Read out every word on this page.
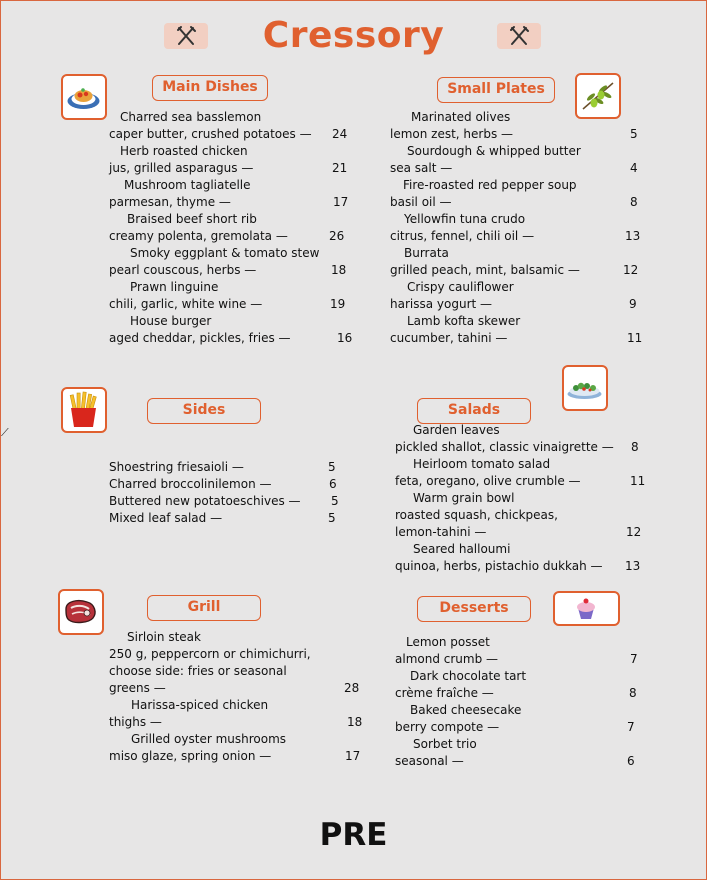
Cressory
⟋
Main Dishes
Charred sea basslemon
caper butter, crushed potatoes —	24
Herb roasted chicken
jus, grilled asparagus —	21
Mushroom tagliatelle
parmesan, thyme —	17
Braised beef short rib
creamy polenta, gremolata —	26
Smoky eggplant & tomato stew
pearl couscous, herbs —	18
Prawn linguine
chili, garlic, white wine —	19
House burger
aged cheddar, pickles, fries —	16
Small Plates
Marinated olives
lemon zest, herbs —	5
Sourdough & whipped butter
sea salt —	4
Fire-roasted red pepper soup
basil oil —	8
Yellowfin tuna crudo
citrus, fennel, chili oil —	13
Burrata
grilled peach, mint, balsamic —	12
Crispy cauliflower
harissa yogurt —	9
Lamb kofta skewer
cucumber, tahini —	11
Sides
Shoestring friesaioli —	5
Charred broccolinilemon —	6
Buttered new potatoeschives —	5
Mixed leaf salad —	5
Salads
Garden leaves
pickled shallot, classic vinaigrette —	8
Heirloom tomato salad
feta, oregano, olive crumble —	11
Warm grain bowl
roasted squash, chickpeas,
lemon-tahini —	12
Seared halloumi
quinoa, herbs, pistachio dukkah —	13
Grill
Sirloin steak
250 g, peppercorn or chimichurri,
choose side: fries or seasonal
greens —	28
Harissa-spiced chicken
thighs —	18
Grilled oyster mushrooms
miso glaze, spring onion —	17
Desserts
Lemon posset
almond crumb —	7
Dark chocolate tart
crème fraîche —	8
Baked cheesecake
berry compote —	7
Sorbet trio
seasonal —	6
PRE
